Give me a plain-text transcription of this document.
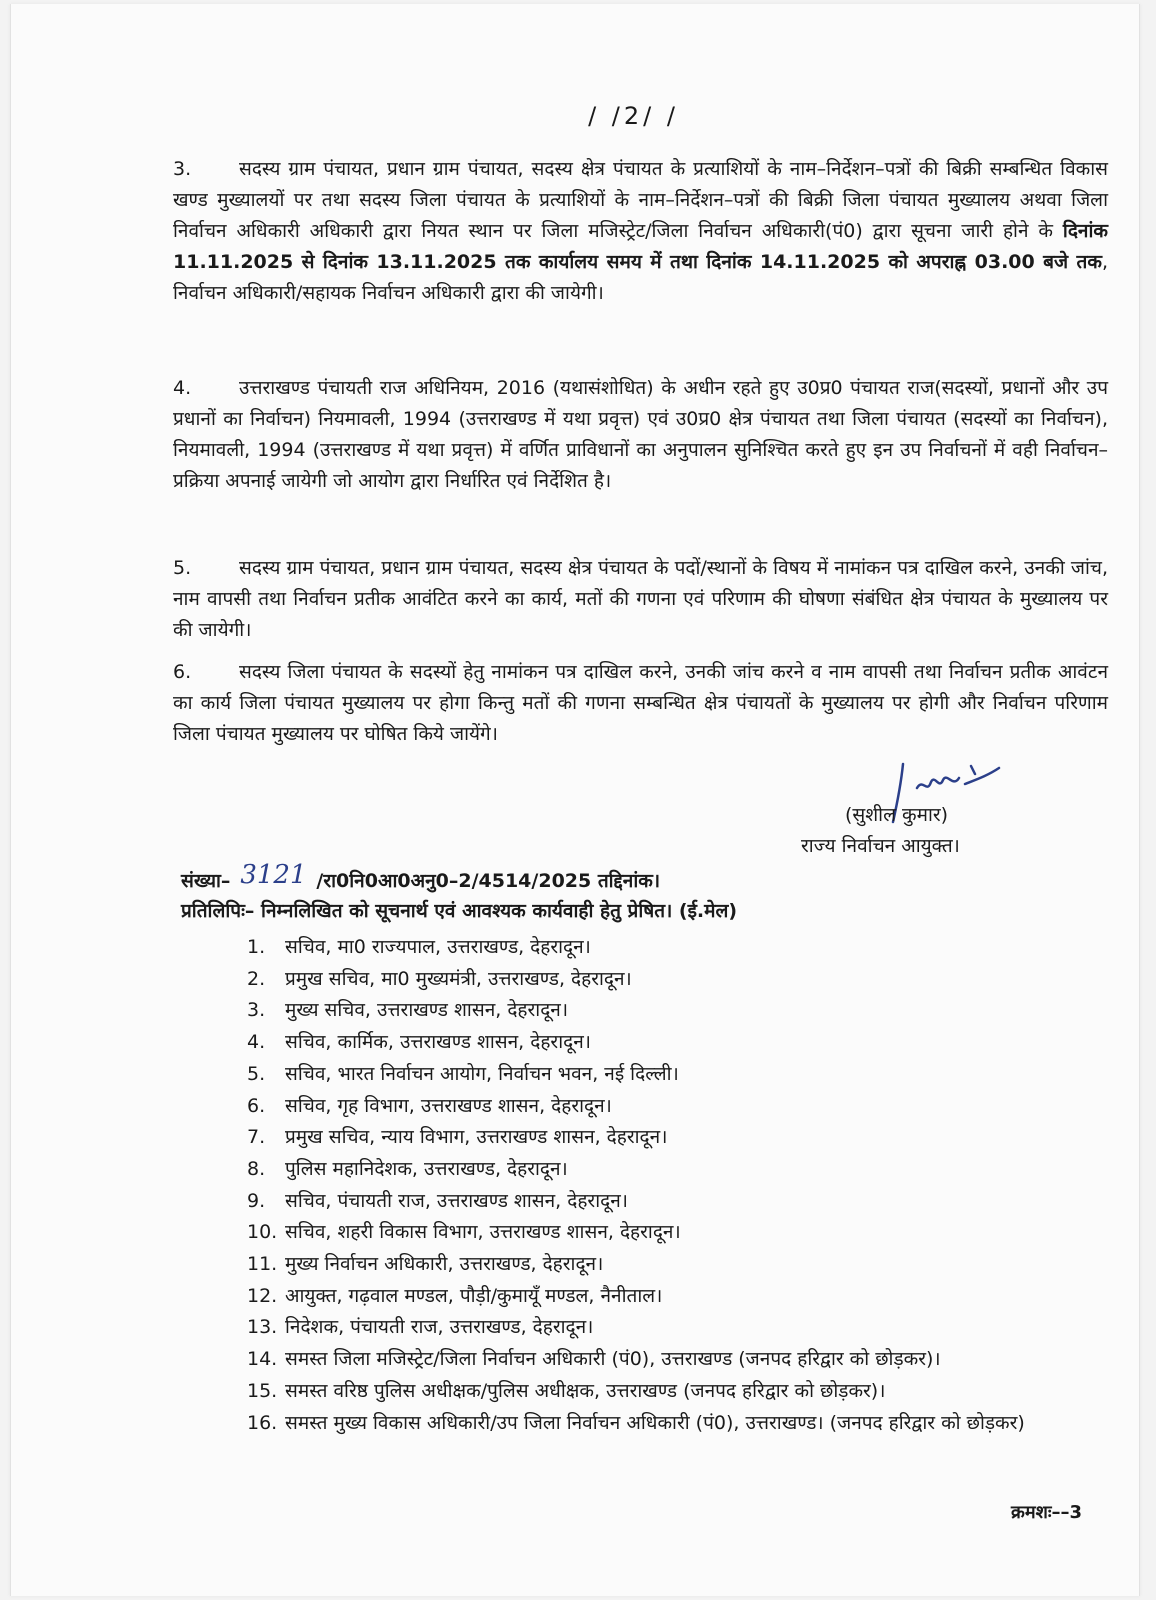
/ /2/ /
3.	सदस्य ग्राम पंचायत, प्रधान ग्राम पंचायत, सदस्य क्षेत्र पंचायत के प्रत्याशियों के नाम–निर्देशन–पत्रों की बिक्री सम्बन्धित विकास खण्ड मुख्यालयों पर तथा सदस्य जिला पंचायत के प्रत्याशियों के नाम–निर्देशन–पत्रों की बिक्री जिला पंचायत मुख्यालय अथवा जिला निर्वाचन अधिकारी अधिकारी द्वारा नियत स्थान पर जिला मजिस्ट्रेट/जिला निर्वाचन अधिकारी(पं0) द्वारा सूचना जारी होने के दिनांक 11.11.2025 से दिनांक 13.11.2025 तक कार्यालय समय में तथा दिनांक 14.11.2025 को अपराह्न 03.00 बजे तक, निर्वाचन अधिकारी/सहायक निर्वाचन अधिकारी द्वारा की जायेगी।
4.	उत्तराखण्ड पंचायती राज अधिनियम, 2016 (यथासंशोधित) के अधीन रहते हुए उ0प्र0 पंचायत राज(सदस्यों, प्रधानों और उप प्रधानों का निर्वाचन) नियमावली, 1994 (उत्तराखण्ड में यथा प्रवृत्त) एवं उ0प्र0 क्षेत्र पंचायत तथा जिला पंचायत (सदस्यों का निर्वाचन), नियमावली, 1994 (उत्तराखण्ड में यथा प्रवृत्त) में वर्णित प्राविधानों का अनुपालन सुनिश्चित करते हुए इन उप निर्वाचनों में वही निर्वाचन–प्रक्रिया अपनाई जायेगी जो आयोग द्वारा निर्धारित एवं निर्देशित है।
5.	सदस्य ग्राम पंचायत, प्रधान ग्राम पंचायत, सदस्य क्षेत्र पंचायत के पदों/स्थानों के विषय में नामांकन पत्र दाखिल करने, उनकी जांच, नाम वापसी तथा निर्वाचन प्रतीक आवंटित करने का कार्य, मतों की गणना एवं परिणाम की घोषणा संबंधित क्षेत्र पंचायत के मुख्यालय पर की जायेगी।
6.	सदस्य जिला पंचायत के सदस्यों हेतु नामांकन पत्र दाखिल करने, उनकी जांच करने व नाम वापसी तथा निर्वाचन प्रतीक आवंटन का कार्य जिला पंचायत मुख्यालय पर होगा किन्तु मतों की गणना सम्बन्धित क्षेत्र पंचायतों के मुख्यालय पर होगी और निर्वाचन परिणाम जिला पंचायत मुख्यालय पर घोषित किये जायेंगे।
(सुशील कुमार)
राज्य निर्वाचन आयुक्त।
संख्या– 3121 /रा0नि0आ0अनु0–2/4514/2025 तद्दिनांक।
प्रतिलिपिः– निम्नलिखित को सूचनार्थ एवं आवश्यक कार्यवाही हेतु प्रेषित। (ई.मेल)
1.	सचिव, मा0 राज्यपाल, उत्तराखण्ड, देहरादून।
2.	प्रमुख सचिव, मा0 मुख्यमंत्री, उत्तराखण्ड, देहरादून।
3.	मुख्य सचिव, उत्तराखण्ड शासन, देहरादून।
4.	सचिव, कार्मिक, उत्तराखण्ड शासन, देहरादून।
5.	सचिव, भारत निर्वाचन आयोग, निर्वाचन भवन, नई दिल्ली।
6.	सचिव, गृह विभाग, उत्तराखण्ड शासन, देहरादून।
7.	प्रमुख सचिव, न्याय विभाग, उत्तराखण्ड शासन, देहरादून।
8.	पुलिस महानिदेशक, उत्तराखण्ड, देहरादून।
9.	सचिव, पंचायती राज, उत्तराखण्ड शासन, देहरादून।
10. सचिव, शहरी विकास विभाग, उत्तराखण्ड शासन, देहरादून।
11. मुख्य निर्वाचन अधिकारी, उत्तराखण्ड, देहरादून।
12. आयुक्त, गढ़वाल मण्डल, पौड़ी/कुमायूँ मण्डल, नैनीताल।
13. निदेशक, पंचायती राज, उत्तराखण्ड, देहरादून।
14. समस्त जिला मजिस्ट्रेट/जिला निर्वाचन अधिकारी (पं0), उत्तराखण्ड (जनपद हरिद्वार को छोड़कर)।
15. समस्त वरिष्ठ पुलिस अधीक्षक/पुलिस अधीक्षक, उत्तराखण्ड (जनपद हरिद्वार को छोड़कर)।
16. समस्त मुख्य विकास अधिकारी/उप जिला निर्वाचन अधिकारी (पं0), उत्तराखण्ड। (जनपद हरिद्वार को छोड़कर)
क्रमशः––3
